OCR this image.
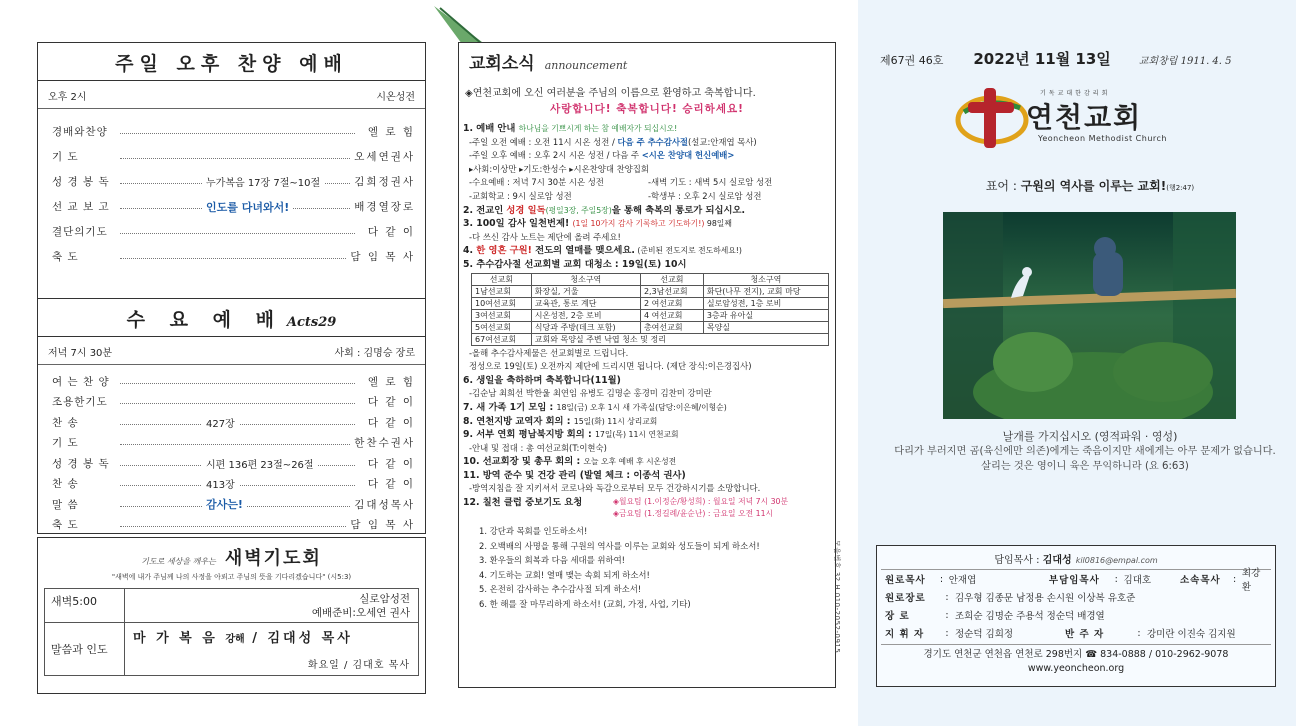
주일 오후 찬양 예배
오후 2시	시온성전
경배와찬양	엘 로 힘
기 도	오세연권사
성 경 봉 독	누가복음 17장 7절~10절	김희정권사
선 교 보 고	인도를 다녀와서!	배경열장로
결단의기도	다 같 이
축 도	담 임 목 사
수 요 예 배 Acts29
저녁 7시 30분	사회 : 김명승 장로
여 는 찬 양	엘 로 힘
조용한기도	다 같 이
찬 송	427장	다 같 이
기 도	한찬수권사
성 경 봉 독	시편 136편 23절~26절	다 같 이
찬 송	413장	다 같 이
말 씀	감사는!	김대성목사
축 도	담 임 목 사
기도로 세상을 깨우는 새벽기도회
"새벽에 내가 주님께 나의 사정을 아뢰고 주님의 뜻을 기다리겠습니다" (시5:3)
새벽5:00	실로암성전
예배준비:오세연 권사
말씀과 인도
마 가 복 음 강해 / 김대성 목사
화요일 / 김대호 목사
교회소식 announcement
◈연천교회에 오신 여러분을 주님의 이름으로 환영하고 축복합니다.
사랑합니다! 축복합니다! 승리하세요!
1. 예배 안내 하나님을 기쁘시게 하는 참 예배자가 되십시오!
-주일 오전 예배 : 오전 11시 시온 성전 / 다음 주 추수감사절(설교:안재엽 목사)
-주일 오후 예배 : 오후 2시 시온 성전 / 다음 주 <시온 찬양대 헌신예배>
▸사회:이상만 ▸기도:한성수 ▸시온찬양대 찬양집회
-수요예배 : 저녁 7시 30분 시온 성전	-새벽 기도 : 새벽 5시 실로암 성전
-교회학교 : 9시 실로암 성전	-학생부 : 오후 2시 실로암 성전
2. 전교인 성경 일독(평일3장, 주일5장)을 통해 축복의 통로가 되십시오.
3. 100일 감사 일천번제! (1일 10가지 감사 기록하고 기도하기!) 98일째
-다 쓰신 감사 노트는 제단에 올려 주세요!
4. 한 영혼 구원! 전도의 열매를 맺으세요. (준비된 전도지로 전도하세요!)
5. 추수감사절 선교회별 교회 대청소 : 19일(토) 10시
선교회	청소구역	선교회	청소구역
1남선교회	화장실, 거울	2,3남선교회	화단(나무 전지), 교회 마당
10여선교회	교육관, 통로 계단	2 여선교회	실로암성전, 1층 로비
3여선교회	시온성전, 2층 로비	4 여선교회	3층과 유아실
5여선교회	식당과 주방(데크 포함)	총여선교회	목양실
67여선교회	교회와 목양실 주변 낙엽 청소 및 정리		
-올해 추수감사제물은 선교회별로 드립니다.
정성으로 19일(토) 오전까지 제단에 드리시면 됩니다. (제단 장식:이은경집사)
6. 생일을 축하하며 축복합니다(11월)
-김순남 최희선 박한울 최연임 유병도 김명순 홍경미 김찬미 강미란
7. 새 가족 1기 모임 : 18일(금) 오후 1시 새 가족실(담당:이은혜/이형순)
8. 연천지방 교역자 회의 : 15일(화) 11시 상리교회
9. 서부 연회 평남북지방 회의 : 17일(목) 11시 연천교회
-안내 및 접대 : 총 여선교회(T:이현숙)
10. 선교회장 및 총무 회의 : 오늘 오후 예배 후 시온성전
11. 방역 준수 및 건강 관리 (발열 체크 : 이종석 권사)
-방역지침을 잘 지키셔서 코로나와 독감으로부터 모두 건강하시기를 소망합니다.
12. 칠천 클럽 중보기도 요청	◈월요팀 (1.이정순/황성희) : 월요일 저녁 7시 30분
◈금요팀 (1.정길례/윤순난) : 금요일 오전 11시
1. 강단과 목회를 인도하소서!
2. 오백배의 사명을 통해 구원의 역사를 이루는 교회와 성도들이 되게 하소서!
3. 환우들의 회복과 다음 세대를 위하여!
4. 기도하는 교회! 열매 맺는 속회 되게 하소서!
5. 온전히 감사하는 추수감사절 되게 하소서!
6. 한 해를 잘 마무리하게 하소서! (교회, 가정, 사업, 기타)	모음번호 32 H.010-2052-0915
제67권 46호 2022년 11월 13일	교회창립 1911. 4. 5
기독교대한감리회
연천교회
Yeoncheon Methodist Church
표어 : 구원의 역사를 이루는 교회!(행2:47)
날개를 가지십시오 (영적파워 · 영성)
다리가 부러지면 곰(육신에만 의존)에게는 죽음이지만 새에게는 아무 문제가 없습니다.
살리는 것은 영이니 육은 무익하니라 (요 6:63)
담임목사 : 김대성 kil0816@empal.com
원로목사	: 안재엽	부담임목사	: 김대호	소속목사	: 최강환
원로장로	: 김우형 김종문 남정용 손시원 이상복 유호준
장 로	: 조희순 김명순 주용석 정순덕 배경열
지 휘 자	: 정순덕 김희정	반 주 자	: 강미란 이진숙 김지원
경기도 연천군 연천읍 연천로 298번지 ☎ 834-0888 / 010-2962-9078
www.yeoncheon.org
